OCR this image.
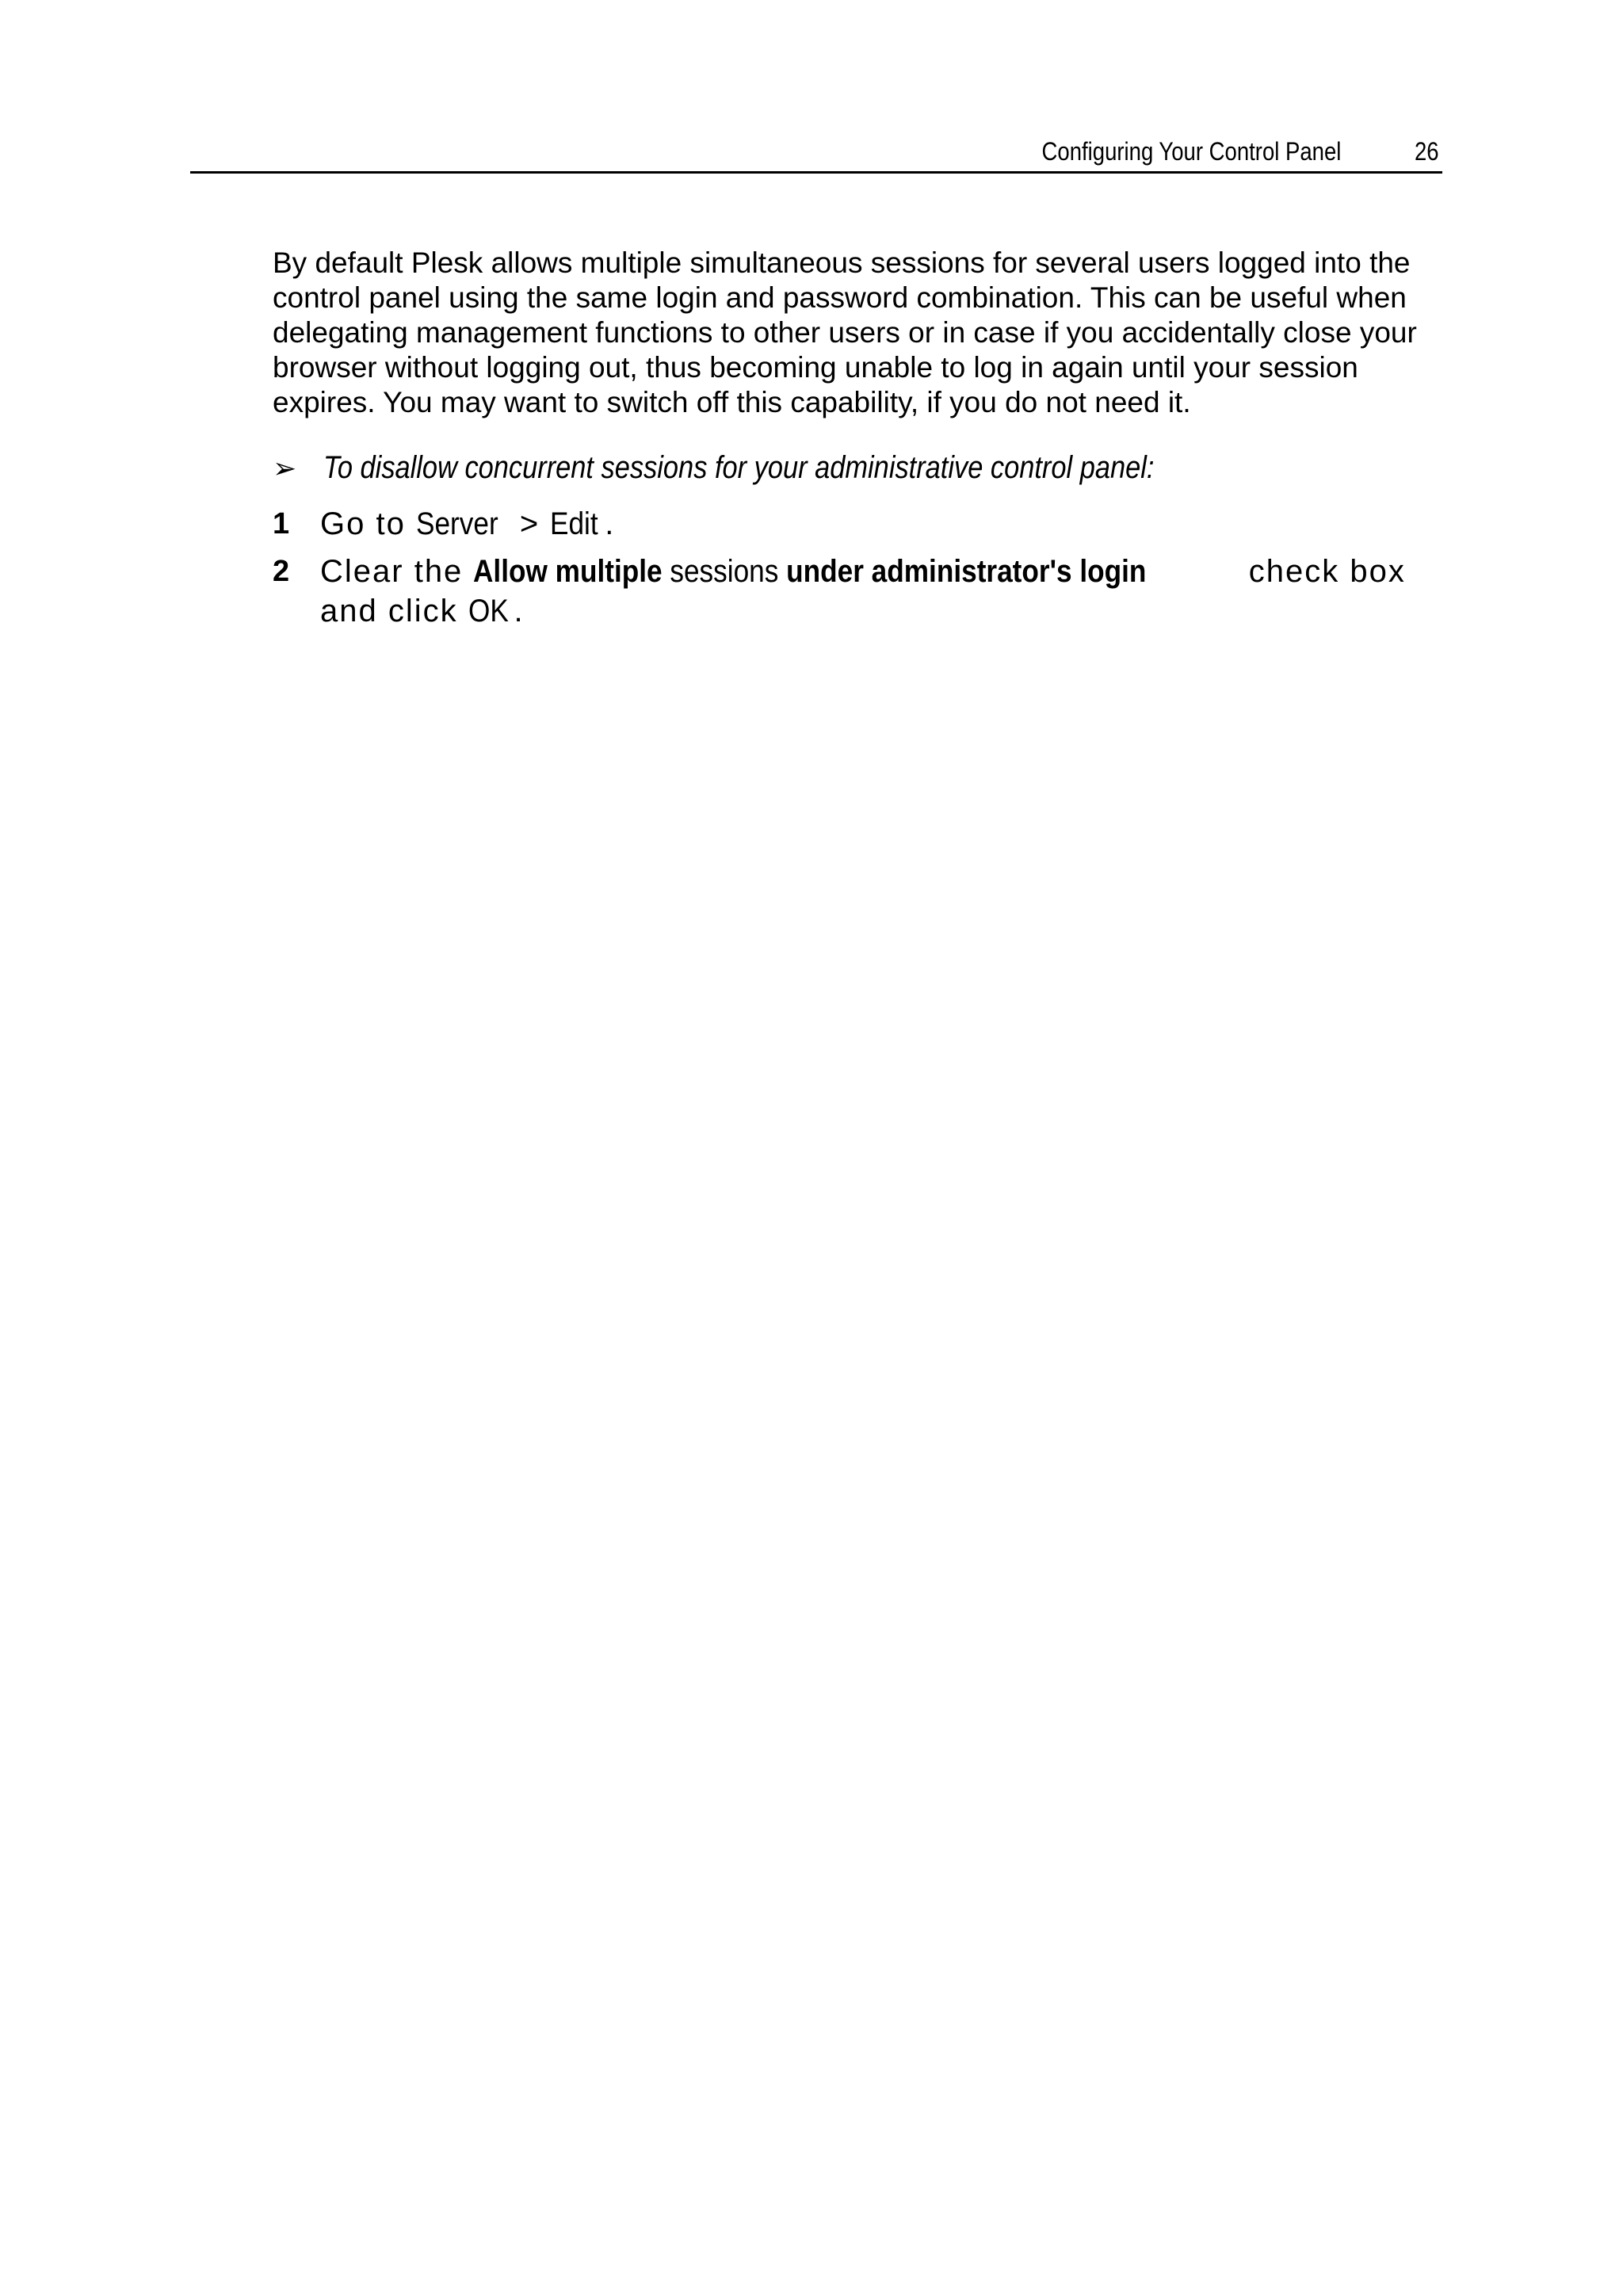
Configuring Your Control Panel	26

By default Plesk allows multiple simultaneous sessions for several users logged into the control panel using the same login and password combination. This can be useful when delegating management functions to other users or in case if you accidentally close your browser without logging out, thus becoming unable to log in again until your session expires. You may want to switch off this capability, if you do not need it.

➢ To disallow concurrent sessions for your administrative control panel:
1 Go to Server > Edit .
2 Clear the Allow multiple sessions under administrator's login	check box and click OK .
